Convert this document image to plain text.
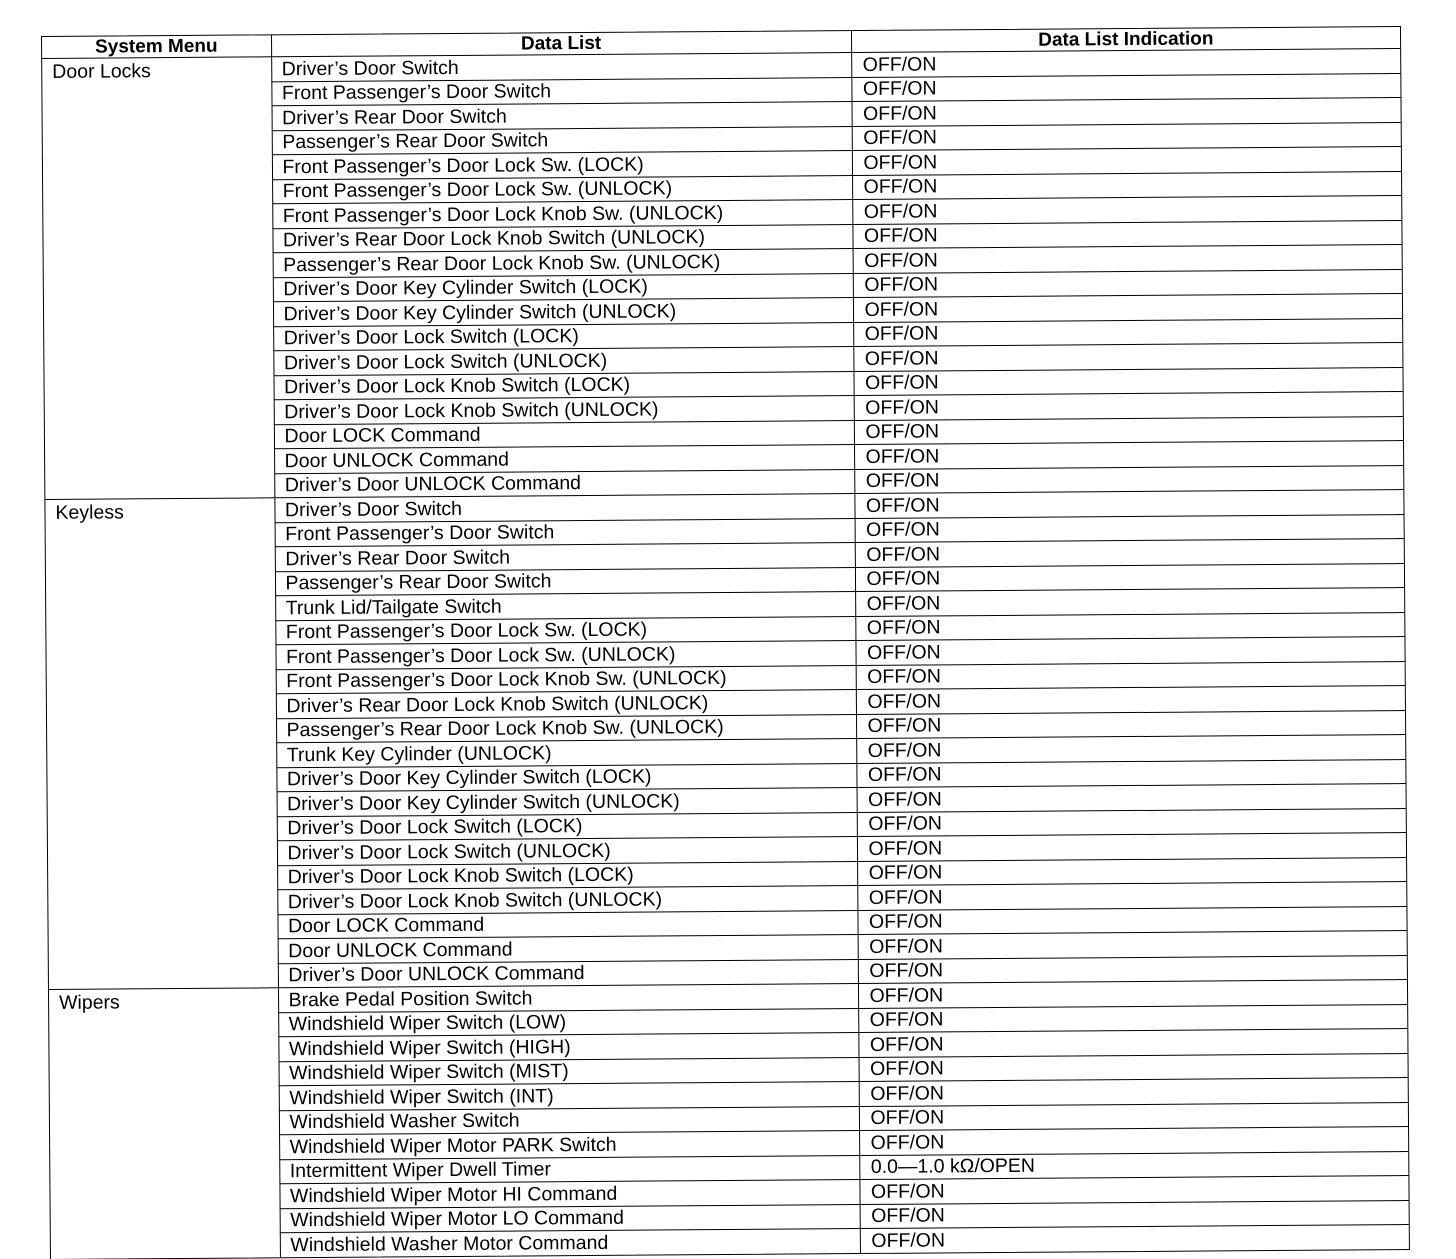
System Menu	Data List	Data List Indication
Door Locks	Driver’s Door Switch	OFF/ON
	Front Passenger’s Door Switch	OFF/ON
	Driver’s Rear Door Switch	OFF/ON
	Passenger’s Rear Door Switch	OFF/ON
	Front Passenger’s Door Lock Sw. (LOCK)	OFF/ON
	Front Passenger’s Door Lock Sw. (UNLOCK)	OFF/ON
	Front Passenger’s Door Lock Knob Sw. (UNLOCK)	OFF/ON
	Driver’s Rear Door Lock Knob Switch (UNLOCK)	OFF/ON
	Passenger’s Rear Door Lock Knob Sw. (UNLOCK)	OFF/ON
	Driver’s Door Key Cylinder Switch (LOCK)	OFF/ON
	Driver’s Door Key Cylinder Switch (UNLOCK)	OFF/ON
	Driver’s Door Lock Switch (LOCK)	OFF/ON
	Driver’s Door Lock Switch (UNLOCK)	OFF/ON
	Driver’s Door Lock Knob Switch (LOCK)	OFF/ON
	Driver’s Door Lock Knob Switch (UNLOCK)	OFF/ON
	Door LOCK Command	OFF/ON
	Door UNLOCK Command	OFF/ON
	Driver’s Door UNLOCK Command	OFF/ON
Keyless	Driver’s Door Switch	OFF/ON
	Front Passenger’s Door Switch	OFF/ON
	Driver’s Rear Door Switch	OFF/ON
	Passenger’s Rear Door Switch	OFF/ON
	Trunk Lid/Tailgate Switch	OFF/ON
	Front Passenger’s Door Lock Sw. (LOCK)	OFF/ON
	Front Passenger’s Door Lock Sw. (UNLOCK)	OFF/ON
	Front Passenger’s Door Lock Knob Sw. (UNLOCK)	OFF/ON
	Driver’s Rear Door Lock Knob Switch (UNLOCK)	OFF/ON
	Passenger’s Rear Door Lock Knob Sw. (UNLOCK)	OFF/ON
	Trunk Key Cylinder (UNLOCK)	OFF/ON
	Driver’s Door Key Cylinder Switch (LOCK)	OFF/ON
	Driver’s Door Key Cylinder Switch (UNLOCK)	OFF/ON
	Driver’s Door Lock Switch (LOCK)	OFF/ON
	Driver’s Door Lock Switch (UNLOCK)	OFF/ON
	Driver’s Door Lock Knob Switch (LOCK)	OFF/ON
	Driver’s Door Lock Knob Switch (UNLOCK)	OFF/ON
	Door LOCK Command	OFF/ON
	Door UNLOCK Command	OFF/ON
	Driver’s Door UNLOCK Command	OFF/ON
Wipers	Brake Pedal Position Switch	OFF/ON
	Windshield Wiper Switch (LOW)	OFF/ON
	Windshield Wiper Switch (HIGH)	OFF/ON
	Windshield Wiper Switch (MIST)	OFF/ON
	Windshield Wiper Switch (INT)	OFF/ON
	Windshield Washer Switch	OFF/ON
	Windshield Wiper Motor PARK Switch	OFF/ON
	Intermittent Wiper Dwell Timer	0.0—1.0 kΩ/OPEN
	Windshield Wiper Motor HI Command	OFF/ON
	Windshield Wiper Motor LO Command	OFF/ON
	Windshield Washer Motor Command	OFF/ON
